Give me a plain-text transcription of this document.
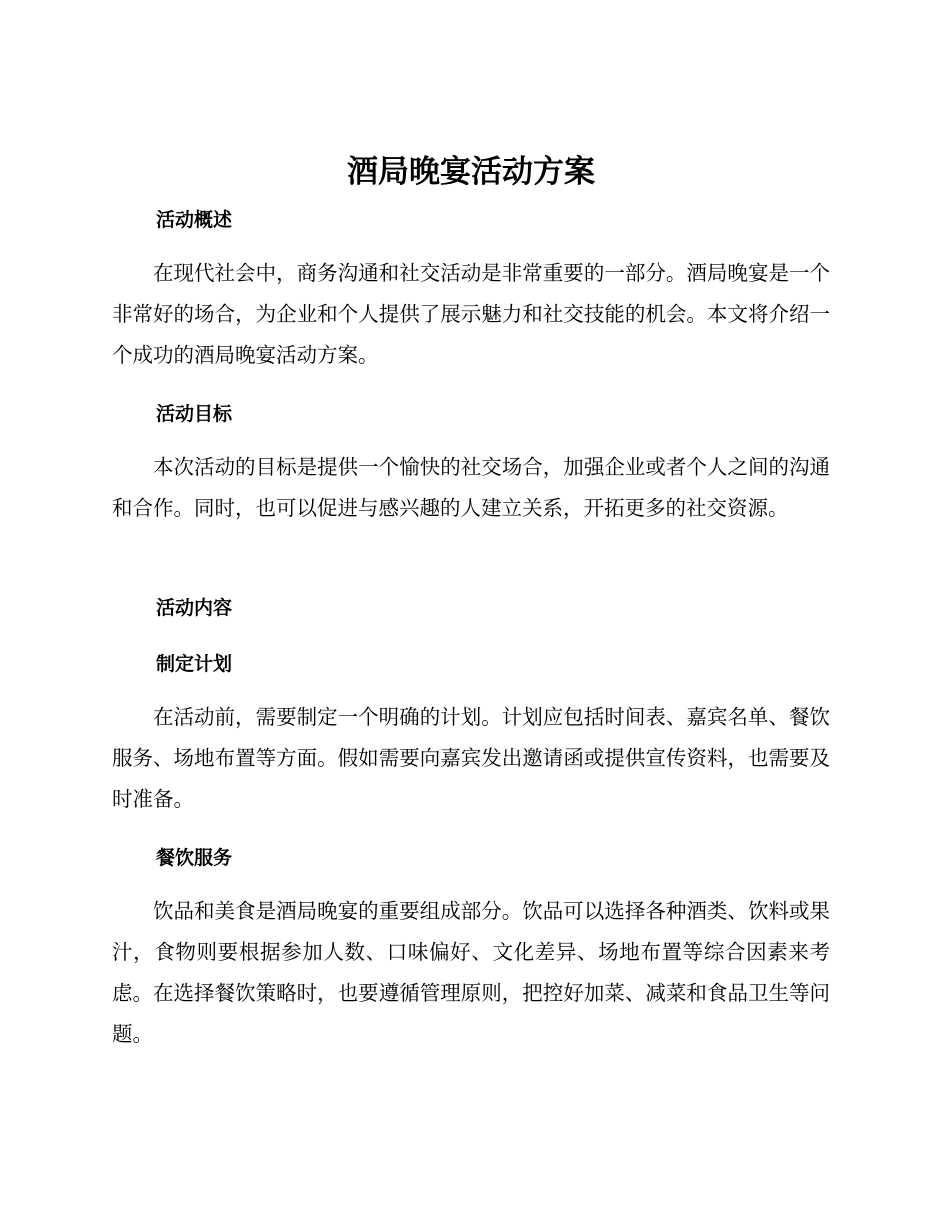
酒局晚宴活动方案
活动概述

在现代社会中，商务沟通和社交活动是非常重要的一部分。酒局晚宴是一个非常好的场合，为企业和个人提供了展示魅力和社交技能的机会。本文将介绍一个成功的酒局晚宴活动方案。

活动目标

本次活动的目标是提供一个愉快的社交场合，加强企业或者个人之间的沟通和合作。同时，也可以促进与感兴趣的人建立关系，开拓更多的社交资源。

活动内容
制定计划

在活动前，需要制定一个明确的计划。计划应包括时间表、嘉宾名单、餐饮服务、场地布置等方面。假如需要向嘉宾发出邀请函或提供宣传资料，也需要及时准备。

餐饮服务

饮品和美食是酒局晚宴的重要组成部分。饮品可以选择各种酒类、饮料或果汁，食物则要根据参加人数、口味偏好、文化差异、场地布置等综合因素来考虑。在选择餐饮策略时，也要遵循管理原则，把控好加菜、减菜和食品卫生等问题。
